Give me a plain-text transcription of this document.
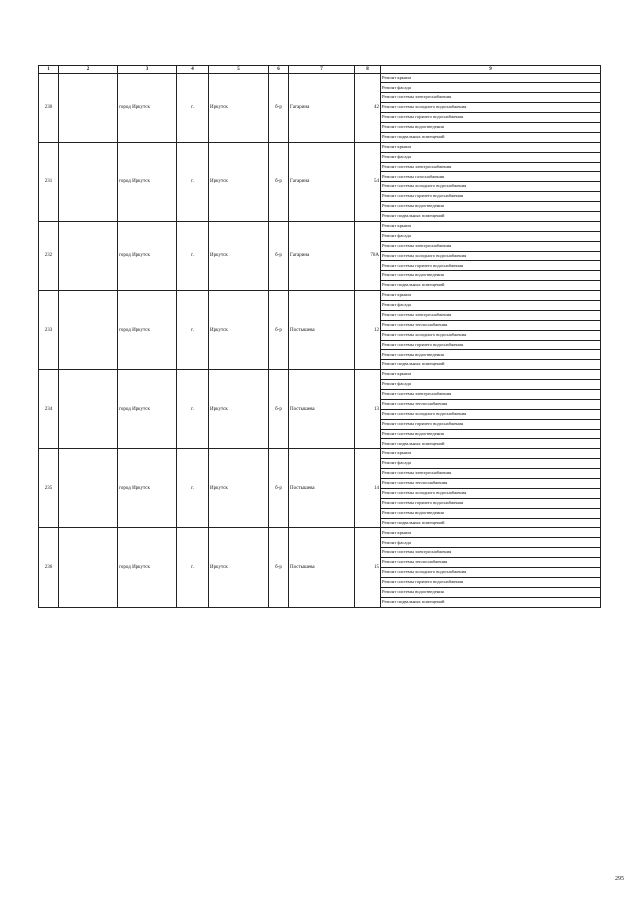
1	2	3	4	5	6	7	8	9
230		город Иркутск	г.	Иркутск	б-р	Гагарина	42	Ремонт крыши
								Ремонт фасада
								Ремонт системы электроснабжения
								Ремонт системы холодного водоснабжения
								Ремонт системы горячего водоснабжения
								Ремонт системы водоотведения
								Ремонт подвальных помещений
231		город Иркутск	г.	Иркутск	б-р	Гагарина	54	Ремонт крыши
								Ремонт фасада
								Ремонт системы электроснабжения
								Ремонт системы газоснабжения
								Ремонт системы холодного водоснабжения
								Ремонт системы горячего водоснабжения
								Ремонт системы водоотведения
								Ремонт подвальных помещений
232		город Иркутск	г.	Иркутск	б-р	Гагарина	70А	Ремонт крыши
								Ремонт фасада
								Ремонт системы электроснабжения
								Ремонт системы холодного водоснабжения
								Ремонт системы горячего водоснабжения
								Ремонт системы водоотведения
								Ремонт подвальных помещений
233		город Иркутск	г.	Иркутск	б-р	Постышева	12	Ремонт крыши
								Ремонт фасада
								Ремонт системы электроснабжения
								Ремонт системы теплоснабжения
								Ремонт системы холодного водоснабжения
								Ремонт системы горячего водоснабжения
								Ремонт системы водоотведения
								Ремонт подвальных помещений
234		город Иркутск	г.	Иркутск	б-р	Постышева	13	Ремонт крыши
								Ремонт фасада
								Ремонт системы электроснабжения
								Ремонт системы теплоснабжения
								Ремонт системы холодного водоснабжения
								Ремонт системы горячего водоснабжения
								Ремонт системы водоотведения
								Ремонт подвальных помещений
235		город Иркутск	г.	Иркутск	б-р	Постышева	14	Ремонт крыши
								Ремонт фасада
								Ремонт системы электроснабжения
								Ремонт системы теплоснабжения
								Ремонт системы холодного водоснабжения
								Ремонт системы горячего водоснабжения
								Ремонт системы водоотведения
								Ремонт подвальных помещений
236		город Иркутск	г.	Иркутск	б-р	Постышева	15	Ремонт крыши
								Ремонт фасада
								Ремонт системы электроснабжения
								Ремонт системы теплоснабжения
								Ремонт системы холодного водоснабжения
								Ремонт системы горячего водоснабжения
								Ремонт системы водоотведения
								Ремонт подвальных помещений
295
